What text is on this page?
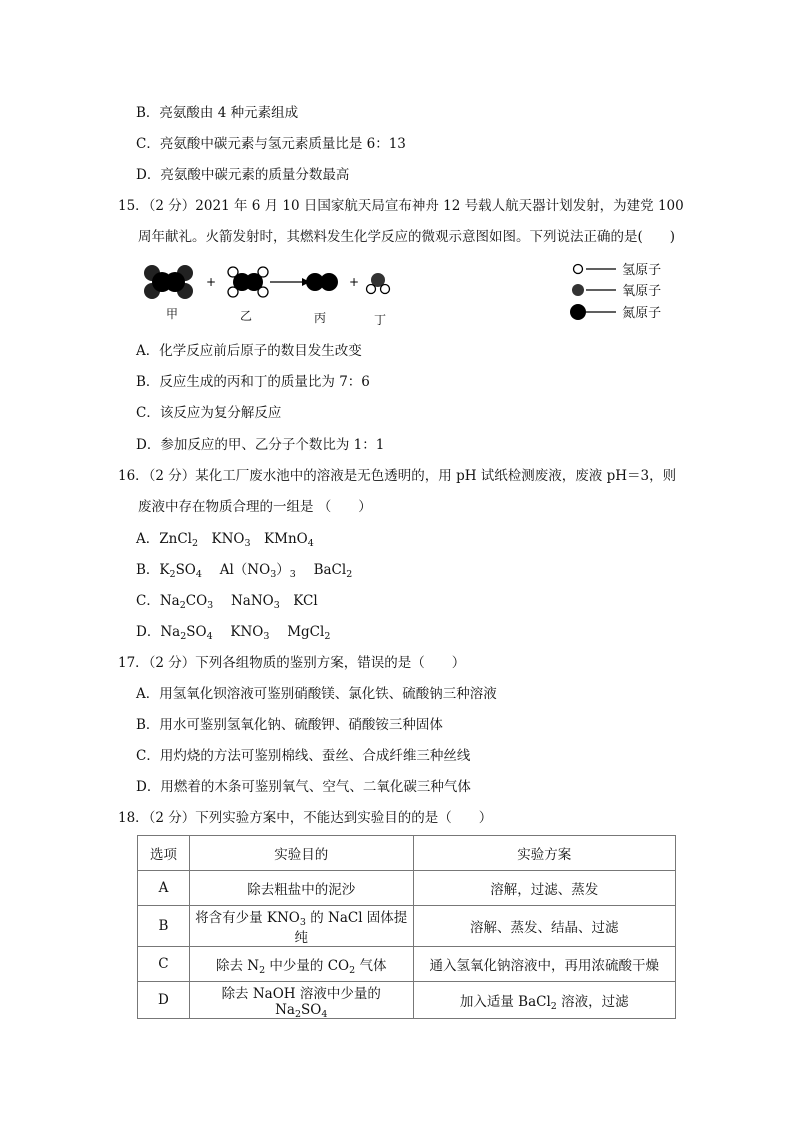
B．亮氨酸由 4 种元素组成
C．亮氨酸中碳元素与氢元素质量比是 6：13
D．亮氨酸中碳元素的质量分数最高
15．（2 分）2021 年 6 月 10 日国家航天局宣布神舟 12 号载人航天器计划发射，为建党 100
周年献礼。火箭发射时，其燃料发生化学反应的微观示意图如图。下列说法正确的是(　　)
+	+
甲	乙	丙	丁
氢原子
氧原子
氮原子
A．化学反应前后原子的数目发生改变
B．反应生成的丙和丁的质量比为 7：6
C．该反应为复分解反应
D．参加反应的甲、乙分子个数比为 1：1
16．（2 分）某化工厂废水池中的溶液是无色透明的，用 pH 试纸检测废液，废液 pH＝3，则
废液中存在物质合理的一组是 （　　）
A．ZnCl$_2$　$KNO_3$　KMnO$_4$
B．$K_2SO_4$　 $Al(NO_3)_3$　 BaCl$_2$
C．$Na_2CO_3$　 NaNO$_3$　KCl
D．$Na_2SO_4$　 $KNO_3$　 MgCl$_2$
17．（2 分）下列各组物质的鉴别方案，错误的是（　　）
A．用氢氧化钡溶液可鉴别硝酸镁、氯化铁、硫酸钠三种溶液
B．用水可鉴别氢氧化钠、硫酸钾、硝酸铵三种固体
C．用灼烧的方法可鉴别棉线、蚕丝、合成纤维三种丝线
D．用燃着的木条可鉴别氧气、空气、二氧化碳三种气体
18．（2 分）下列实验方案中，不能达到实验目的的是（　　）
选项	实验目的	实验方案
A	除去粗盐中的泥沙	溶解，过滤、蒸发
B	将含有少量 $KNO_3$ 的 NaCl 固体提纯	溶解、蒸发、结晶、过滤
C	除去 $N_2$ 中少量的 $CO_2$ 气体	通入氢氧化钠溶液中，再用浓硫酸干燥
D	除去 NaOH 溶液中少量的 $Na_2SO_4$	加入适量 BaCl$_2$ 溶液，过滤
